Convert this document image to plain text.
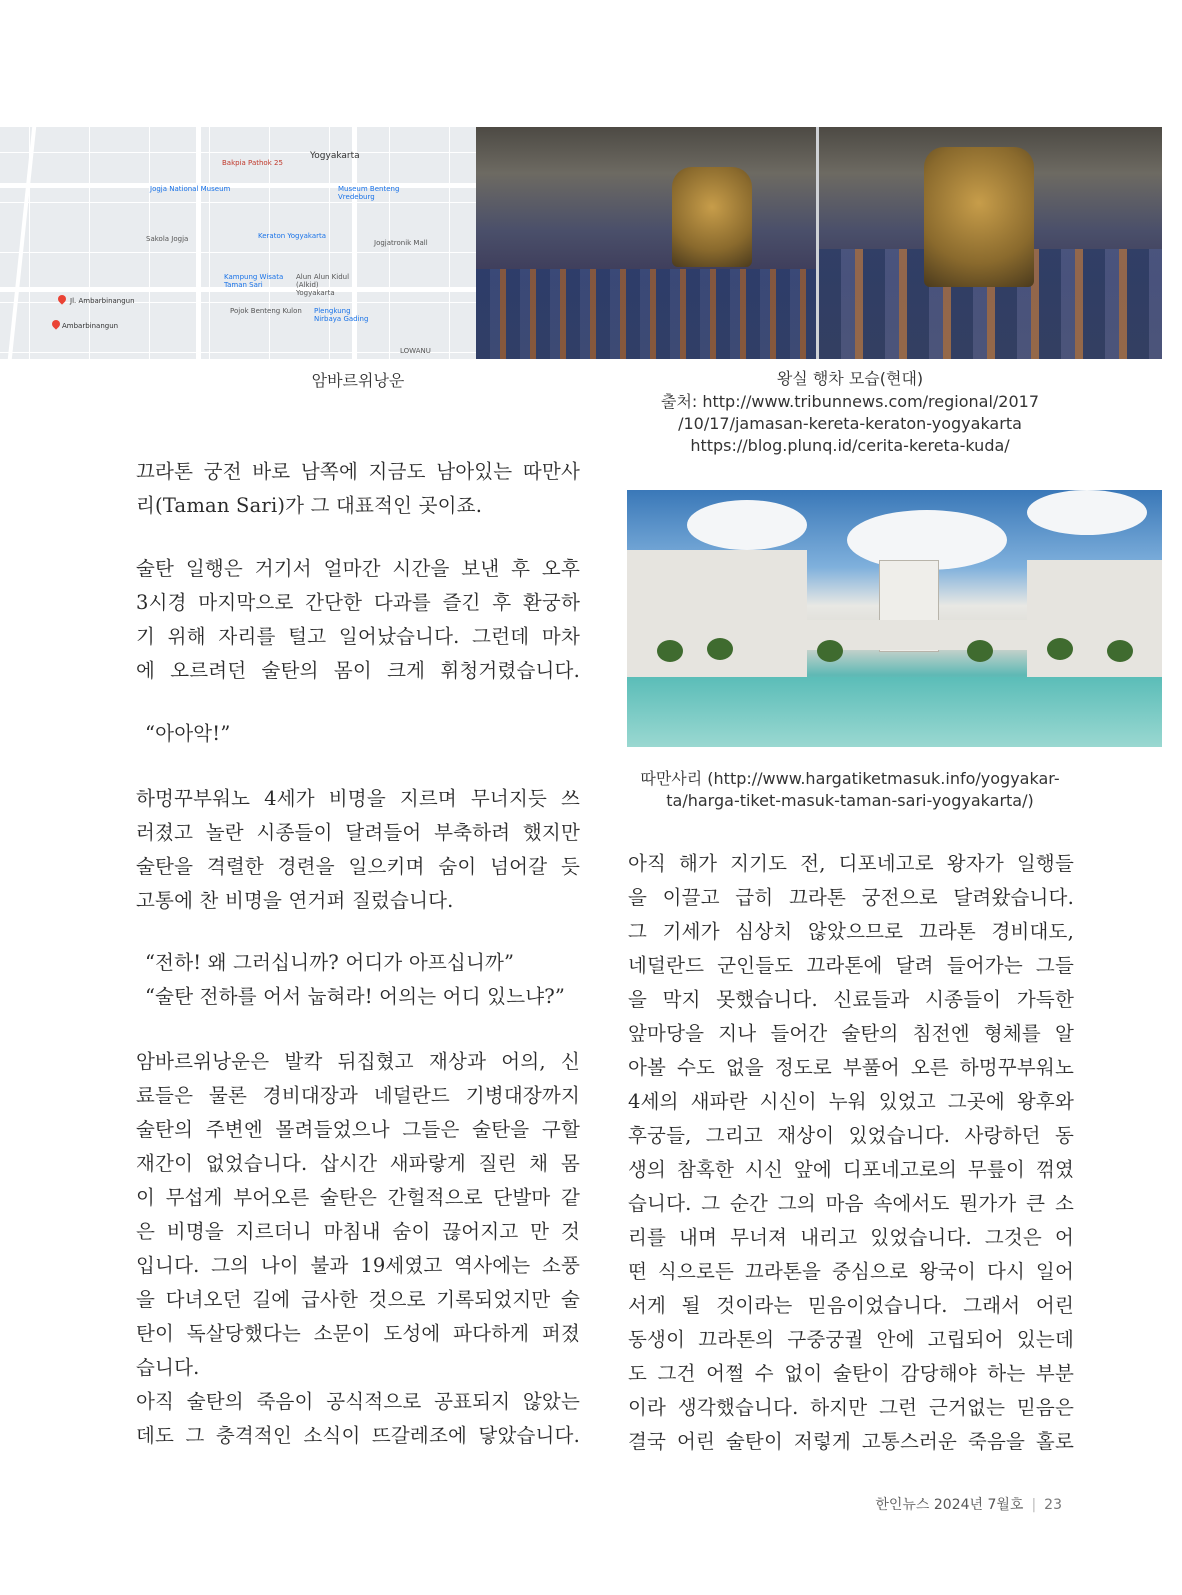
Yogyakarta
Bakpia Pathok 25
Jogja National Museum	Museum Benteng Vredeburg
Keraton Yogyakarta
Sakola Jogja	Jogjatronik Mall
Kampung Wisata Taman Sari
Alun Alun Kidul (Alkid) Yogyakarta
Jl. Ambarbinangun
Ambarbinangun
Pojok Benteng Kulon Plengkung Nirbaya Gading
LOWANU
암바르위낭운	왕실 행차 모습(현대)
출처: http://www.tribunnews.com/regional/2017
/10/17/jamasan-kereta-keraton-yogyakarta
https://blog.plunq.id/cerita-kereta-kuda/
따만사리 (http://www.hargatiketmasuk.info/yogyakar-
ta/harga-tiket-masuk-taman-sari-yogyakarta/)
끄라톤 궁전 바로 남쪽에 지금도 남아있는 따만사
리(Taman Sari)가 그 대표적인 곳이죠.
술탄 일행은 거기서 얼마간 시간을 보낸 후 오후
3시경 마지막으로 간단한 다과를 즐긴 후 환궁하
기 위해 자리를 털고 일어났습니다. 그런데 마차
에 오르려던 술탄의 몸이 크게 휘청거렸습니다.
“아아악!”
하멍꾸부워노 4세가 비명을 지르며 무너지듯 쓰
러졌고 놀란 시종들이 달려들어 부축하려 했지만
술탄을 격렬한 경련을 일으키며 숨이 넘어갈 듯
고통에 찬 비명을 연거퍼 질렀습니다.
“전하! 왜 그러십니까? 어디가 아프십니까”
“술탄 전하를 어서 눕혀라! 어의는 어디 있느냐?”
암바르위낭운은 발칵 뒤집혔고 재상과 어의, 신
료들은 물론 경비대장과 네덜란드 기병대장까지
술탄의 주변엔 몰려들었으나 그들은 술탄을 구할
재간이 없었습니다. 삽시간 새파랗게 질린 채 몸
이 무섭게 부어오른 술탄은 간헐적으로 단발마 같
은 비명을 지르더니 마침내 숨이 끊어지고 만 것
입니다. 그의 나이 불과 19세였고 역사에는 소풍
을 다녀오던 길에 급사한 것으로 기록되었지만 술
탄이 독살당했다는 소문이 도성에 파다하게 퍼졌
습니다.
아직 술탄의 죽음이 공식적으로 공표되지 않았는
데도 그 충격적인 소식이 뜨갈레조에 닿았습니다.
아직 해가 지기도 전, 디포네고로 왕자가 일행들
을 이끌고 급히 끄라톤 궁전으로 달려왔습니다.
그 기세가 심상치 않았으므로 끄라톤 경비대도,
네덜란드 군인들도 끄라톤에 달려 들어가는 그들
을 막지 못했습니다. 신료들과 시종들이 가득한
앞마당을 지나 들어간 술탄의 침전엔 형체를 알
아볼 수도 없을 정도로 부풀어 오른 하멍꾸부워노
4세의 새파란 시신이 누워 있었고 그곳에 왕후와
후궁들, 그리고 재상이 있었습니다. 사랑하던 동
생의 참혹한 시신 앞에 디포네고로의 무릎이 꺾였
습니다. 그 순간 그의 마음 속에서도 뭔가가 큰 소
리를 내며 무너져 내리고 있었습니다. 그것은 어
떤 식으로든 끄라톤을 중심으로 왕국이 다시 일어
서게 될 것이라는 믿음이었습니다. 그래서 어린
동생이 끄라톤의 구중궁궐 안에 고립되어 있는데
도 그건 어쩔 수 없이 술탄이 감당해야 하는 부분
이라 생각했습니다. 하지만 그런 근거없는 믿음은
결국 어린 술탄이 저렇게 고통스러운 죽음을 홀로
한인뉴스 2024년 7월호 | 23
